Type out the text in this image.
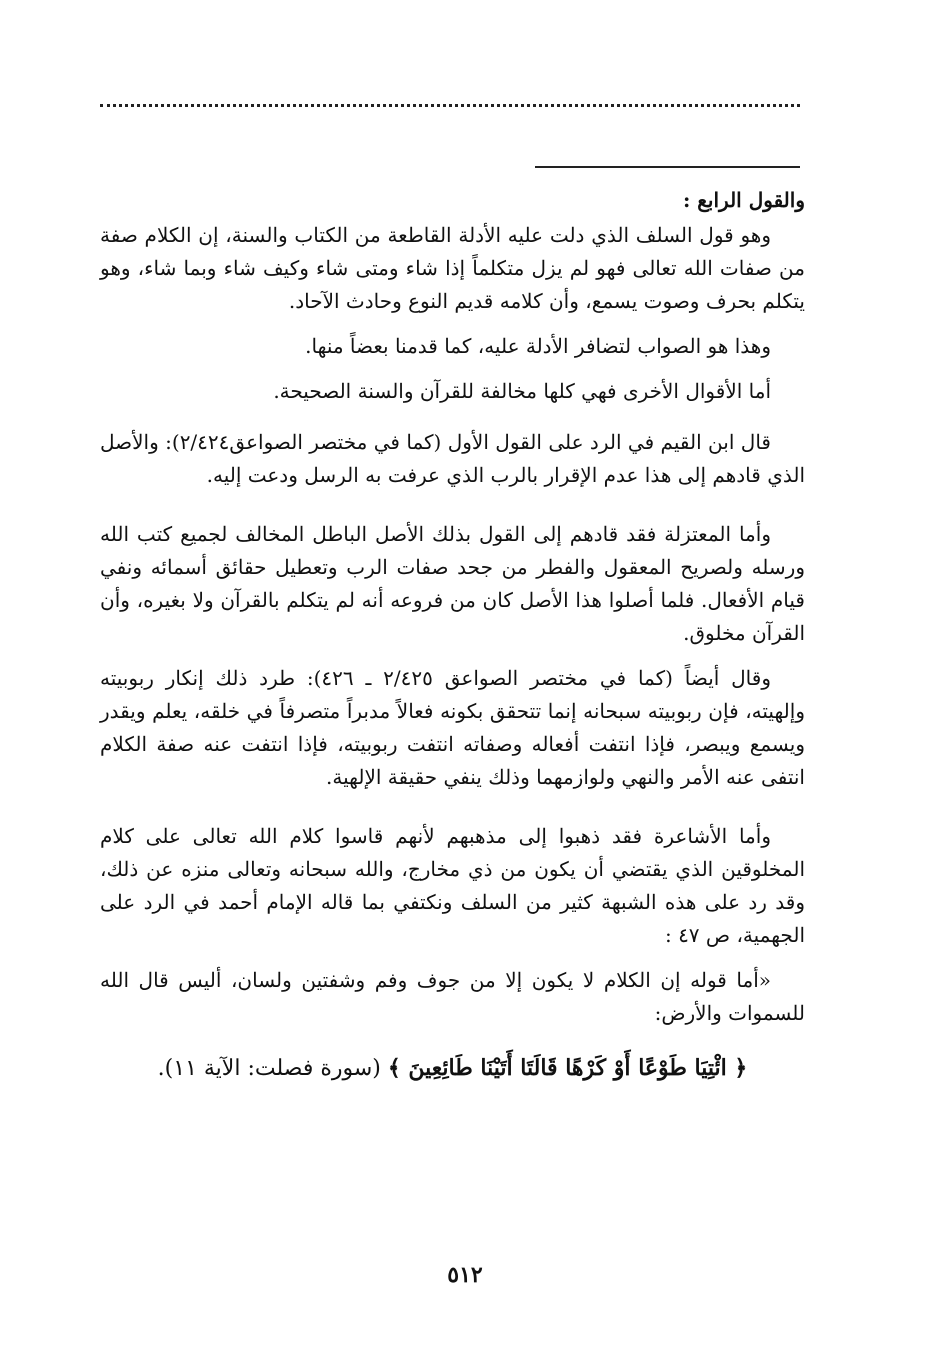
والقول الرابع :

وهو قول السلف الذي دلت عليه الأدلة القاطعة من الكتاب والسنة، إن الكلام صفة من صفات الله تعالى فهو لم يزل متكلماً إذا شاء ومتى شاء وكيف شاء وبما شاء، وهو يتكلم بحرف وصوت يسمع، وأن كلامه قديم النوع وحادث الآحاد.

وهذا هو الصواب لتضافر الأدلة عليه، كما قدمنا بعضاً منها.

أما الأقوال الأخرى فهي كلها مخالفة للقرآن والسنة الصحيحة.

قال ابن القيم في الرد على القول الأول (كما في مختصر الصواعق٢/٤٢٤): والأصل الذي قادهم إلى هذا عدم الإقرار بالرب الذي عرفت به الرسل ودعت إليه.

وأما المعتزلة فقد قادهم إلى القول بذلك الأصل الباطل المخالف لجميع كتب الله ورسله ولصريح المعقول والفطر من جحد صفات الرب وتعطيل حقائق أسمائه ونفي قيام الأفعال. فلما أصلوا هذا الأصل كان من فروعه أنه لم يتكلم بالقرآن ولا بغيره، وأن القرآن مخلوق.

وقال أيضاً (كما في مختصر الصواعق ٢/٤٢٥ ـ ٤٢٦): طرد ذلك إنكار ربوبيته وإلهيته، فإن ربوبيته سبحانه إنما تتحقق بكونه فعالاً مدبراً متصرفاً في خلقه، يعلم ويقدر ويسمع ويبصر، فإذا انتفت أفعاله وصفاته انتفت ربوبيته، فإذا انتفت عنه صفة الكلام انتفى عنه الأمر والنهي ولوازمهما وذلك ينفي حقيقة الإلهية.

وأما الأشاعرة فقد ذهبوا إلى مذهبهم لأنهم قاسوا كلام الله تعالى على كلام المخلوقين الذي يقتضي أن يكون من ذي مخارج، والله سبحانه وتعالى منزه عن ذلك، وقد رد على هذه الشبهة كثير من السلف ونكتفي بما قاله الإمام أحمد في الرد على الجهمية، ص ٤٧ :

«أما قوله إن الكلام لا يكون إلا من جوف وفم وشفتين ولسان، أليس قال الله للسموات والأرض:

﴿ ائْتِيَا طَوْعًا أَوْ كَرْهًا قَالَتَا أَتَيْنَا طَائِعِينَ ﴾ (سورة فصلت: الآية ١١).

٥١٢
